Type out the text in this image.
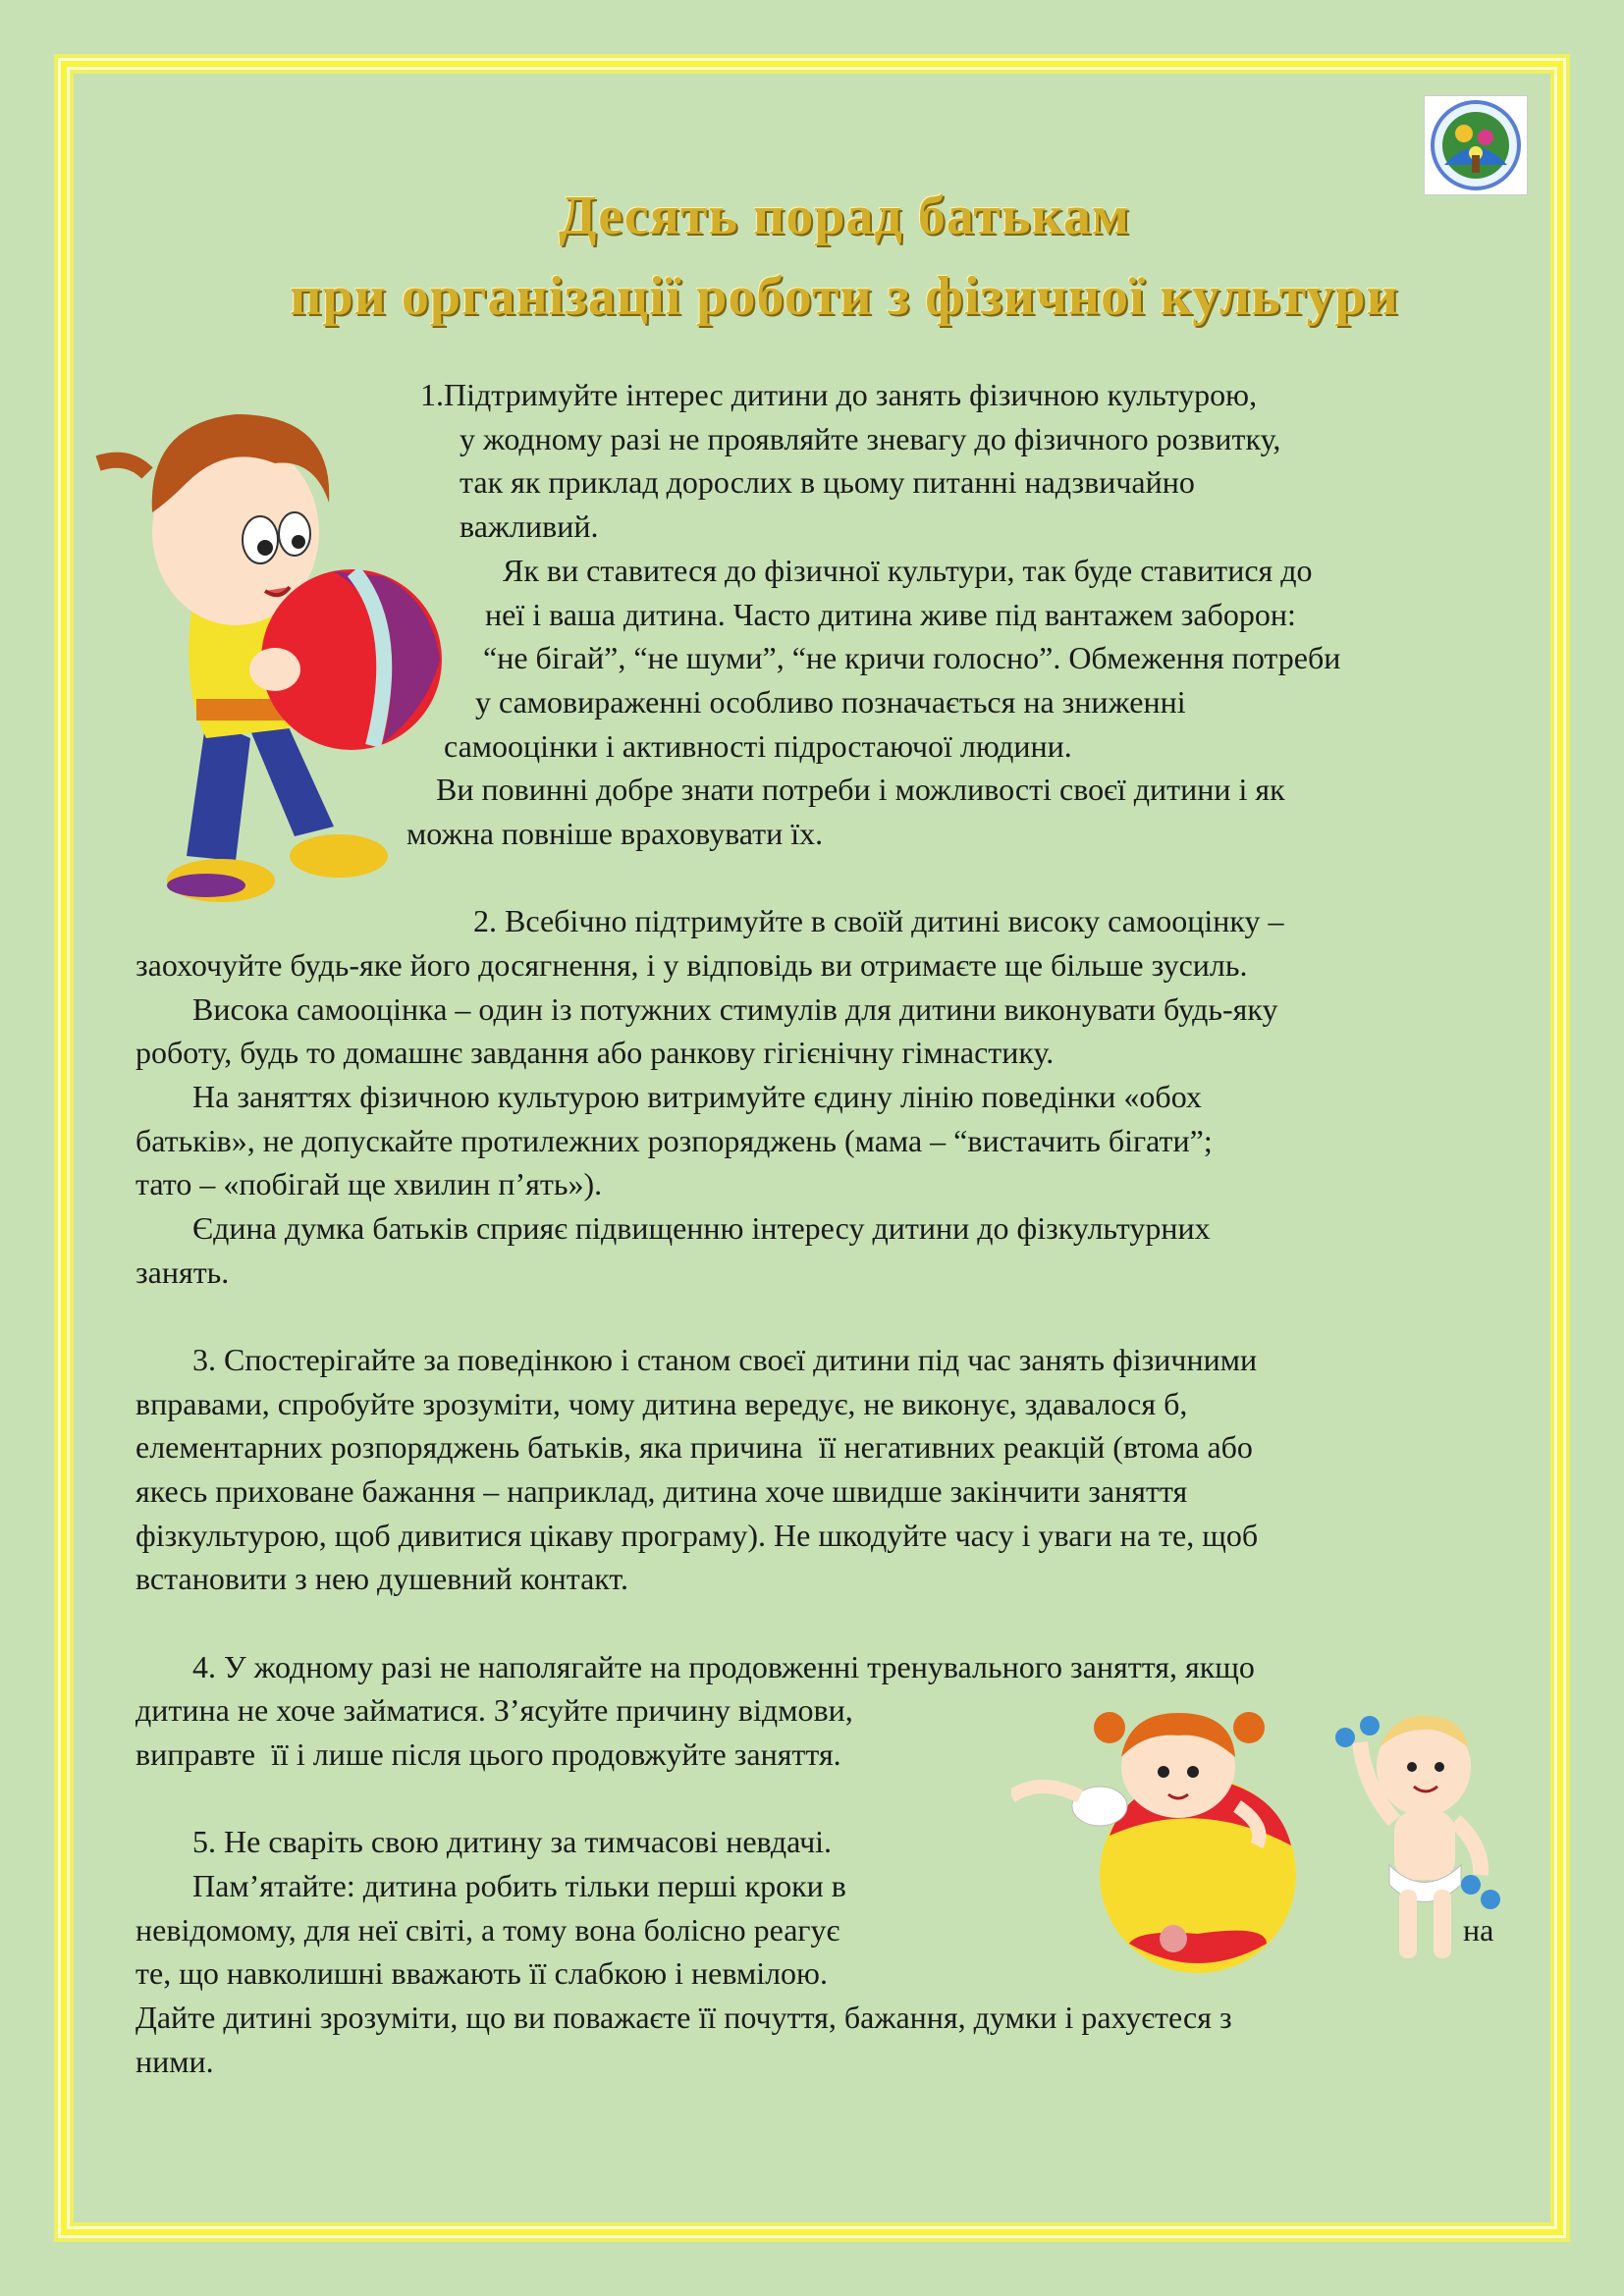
Десять порад батькам
при організації роботи з фізичної культури
1.Підтримуйте інтерес дитини до занять фізичною культурою,
у жодному разі не проявляйте зневагу до фізичного розвитку,
так як приклад дорослих в цьому питанні надзвичайно
важливий.
Як ви ставитеся до фізичної культури, так буде ставитися до
неї і ваша дитина. Часто дитина живе під вантажем заборон:
“не бігай”, “не шуми”, “не кричи голосно”. Обмеження потреби
у самовираженні особливо позначається на зниженні
самооцінки і активності підростаючої людини.
Ви повинні добре знати потреби і можливості своєї дитини і як
можна повніше враховувати їх.
2. Всебічно підтримуйте в своїй дитині високу самооцінку –
заохочуйте будь-яке його досягнення, і у відповідь ви отримаєте ще більше зусиль.
Висока самооцінка – один із потужних стимулів для дитини виконувати будь-яку
роботу, будь то домашнє завдання або ранкову гігієнічну гімнастику.
На заняттях фізичною культурою витримуйте єдину лінію поведінки «обох
батьків», не допускайте протилежних розпоряджень (мама – “вистачить бігати”;
тато – «побігай ще хвилин п’ять»).
Єдина думка батьків сприяє підвищенню інтересу дитини до фізкультурних
занять.
3. Спостерігайте за поведінкою і станом своєї дитини під час занять фізичними
вправами, спробуйте зрозуміти, чому дитина вередує, не виконує, здавалося б,
елементарних розпоряджень батьків, яка причина  її негативних реакцій (втома або
якесь приховане бажання – наприклад, дитина хоче швидше закінчити заняття
фізкультурою, щоб дивитися цікаву програму). Не шкодуйте часу і уваги на те, щоб
встановити з нею душевний контакт.
4. У жодному разі не наполягайте на продовженні тренувального заняття, якщо
дитина не хоче займатися. З’ясуйте причину відмови,
виправте  її і лише після цього продовжуйте заняття.
5. Не сваріть свою дитину за тимчасові невдачі.
Пам’ятайте: дитина робить тільки перші кроки в
невідомому, для неї світі, а тому вона болісно реагує	на
те, що навколишні вважають її слабкою і невмілою.
Дайте дитині зрозуміти, що ви поважаєте її почуття, бажання, думки і рахуєтеся з
ними.
